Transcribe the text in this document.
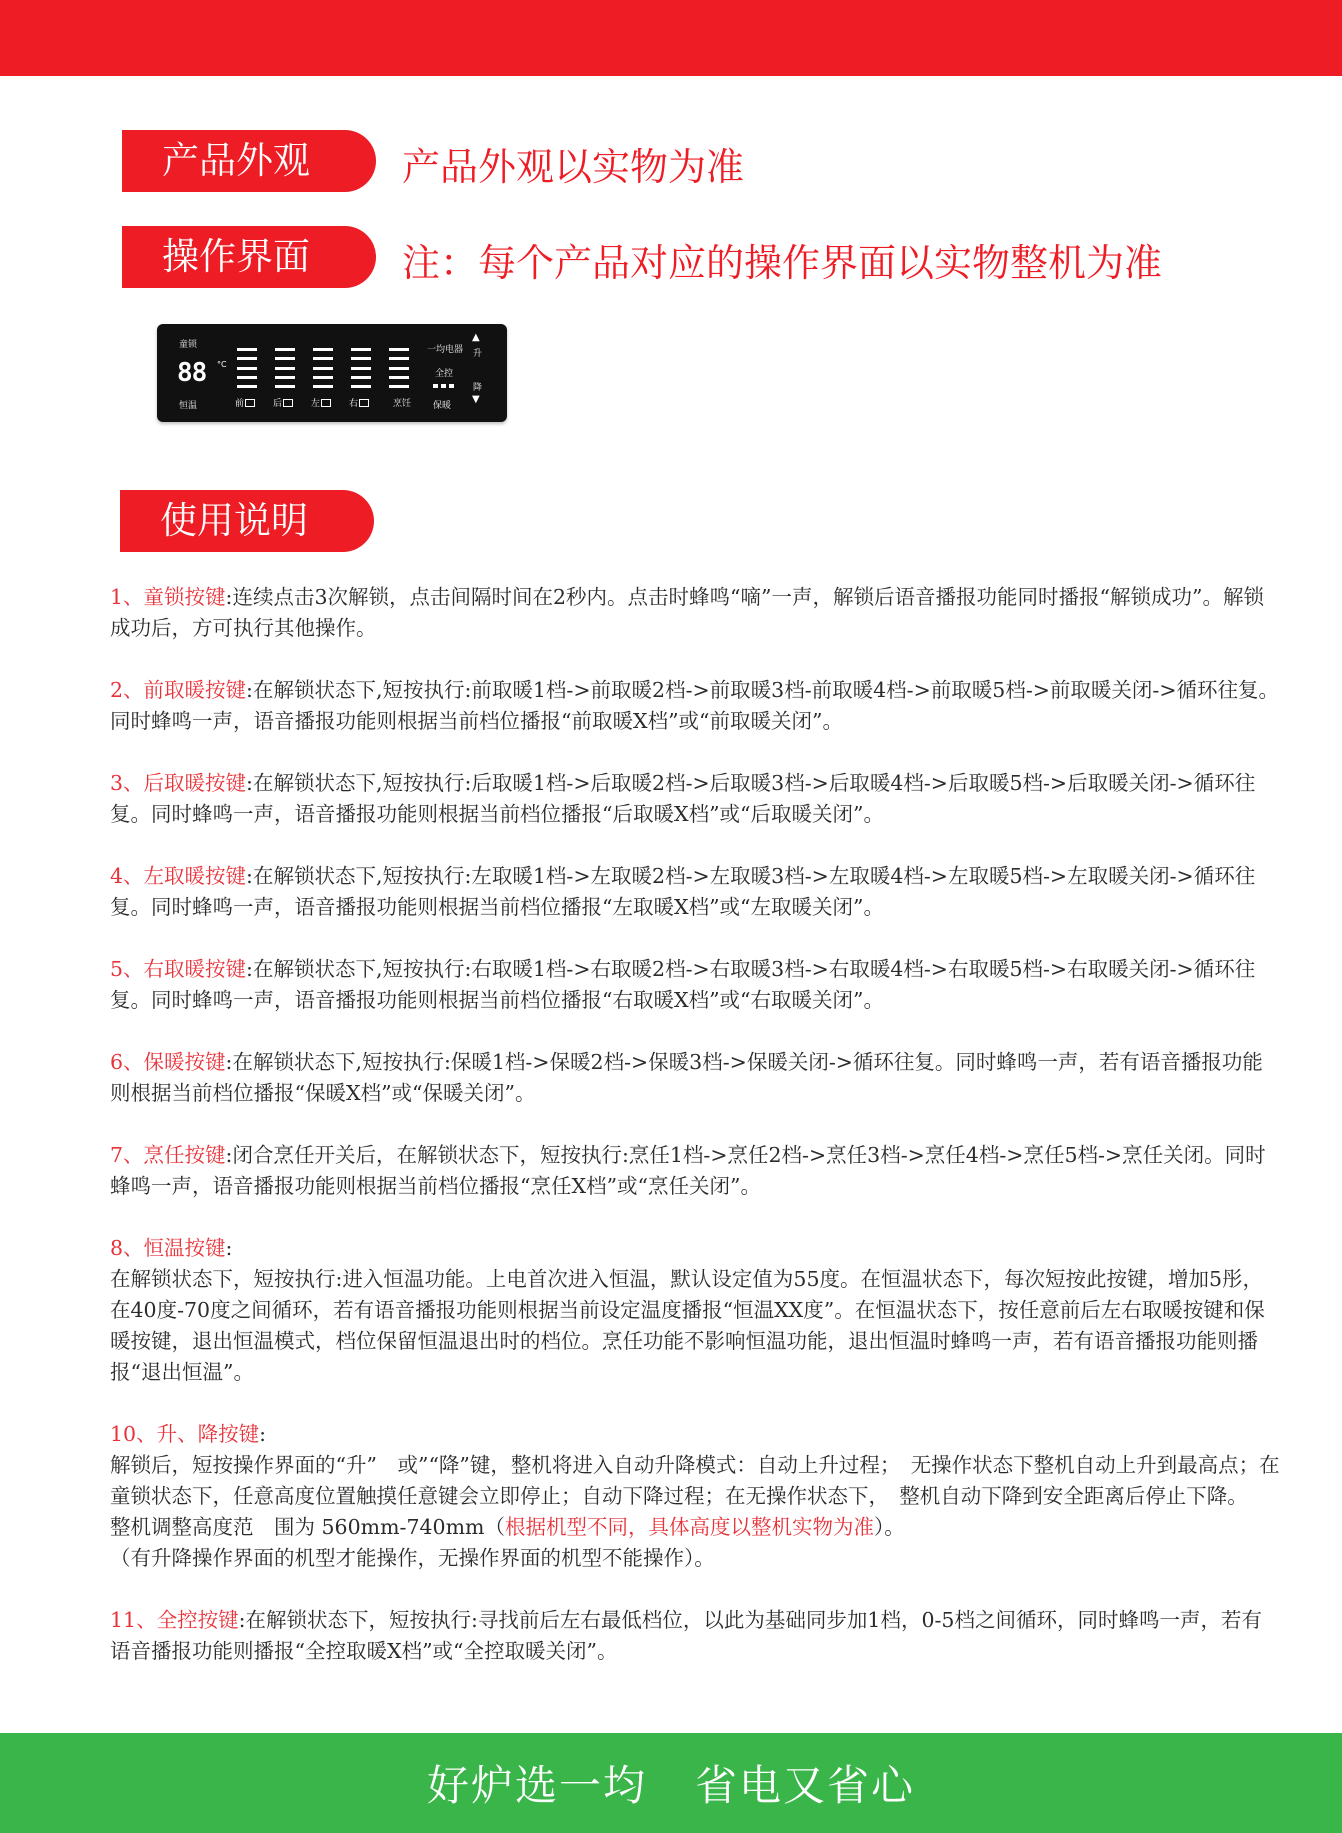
产品外观	产品外观以实物为准
操作界面	注：每个产品对应的操作界面以实物整机为准
童锁
88 °C
恒温	前	后	左	右	烹饪
一均电器
全控
保暖
▲
升
降
▼
使用说明

1、童锁按键:连续点击3次解锁，点击间隔时间在2秒内。点击时蜂鸣“嘀”一声，解锁后语音播报功能同时播报“解锁成功”。解锁成功后，方可执行其他操作。

2、前取暖按键:在解锁状态下,短按执行:前取暖1档->前取暖2档->前取暖3档-前取暖4档->前取暖5档->前取暖关闭->循环往复。同时蜂鸣一声，语音播报功能则根据当前档位播报“前取暖X档”或“前取暖关闭”。

3、后取暖按键:在解锁状态下,短按执行:后取暖1档->后取暖2档->后取暖3档->后取暖4档->后取暖5档->后取暖关闭->循环往复。同时蜂鸣一声，语音播报功能则根据当前档位播报“后取暖X档”或“后取暖关闭”。

4、左取暖按键:在解锁状态下,短按执行:左取暖1档->左取暖2档->左取暖3档->左取暖4档->左取暖5档->左取暖关闭->循环往复。同时蜂鸣一声，语音播报功能则根据当前档位播报“左取暖X档”或“左取暖关闭”。

5、右取暖按键:在解锁状态下,短按执行:右取暖1档->右取暖2档->右取暖3档->右取暖4档->右取暖5档->右取暖关闭->循环往复。同时蜂鸣一声，语音播报功能则根据当前档位播报“右取暖X档”或“右取暖关闭”。

6、保暖按键:在解锁状态下,短按执行:保暖1档->保暖2档->保暖3档->保暖关闭->循环往复。同时蜂鸣一声，若有语音播报功能则根据当前档位播报“保暖X档”或“保暖关闭”。

7、烹任按键:闭合烹任开关后，在解锁状态下，短按执行:烹任1档->烹任2档->烹任3档->烹任4档->烹任5档->烹任关闭。同时蜂鸣一声，语音播报功能则根据当前档位播报“烹任X档”或“烹任关闭”。

8、恒温按键:

在解锁状态下，短按执行:进入恒温功能。上电首次进入恒温，默认设定值为55度。在恒温状态下，每次短按此按键，增加5彤，在40度-70度之间循环，若有语音播报功能则根据当前设定温度播报“恒温XX度”。在恒温状态下，按任意前后左右取暖按键和保暖按键，退出恒温模式，档位保留恒温退出时的档位。烹任功能不影响恒温功能，退出恒温时蜂鸣一声，若有语音播报功能则播报“退出恒温”。

10、升、降按键:

解锁后，短按操作界面的“升”　或”“降”键，整机将进入自动升降模式：自动上升过程；　无操作状态下整机自动上升到最高点；在童锁状态下，任意高度位置触摸任意键会立即停止；自动下降过程；在无操作状态下，　整机自动下降到安全距离后停止下降。

整机调整高度范　围为 560mm-740mm（根据机型不同，具体高度以整机实物为准）。

（有升降操作界面的机型才能操作，无操作界面的机型不能操作）。

11、全控按键:在解锁状态下，短按执行:寻找前后左右最低档位，以此为基础同步加1档，0-5档之间循环，同时蜂鸣一声，若有语音播报功能则播报“全控取暖X档”或“全控取暖关闭”。

好炉选一均 省电又省心
